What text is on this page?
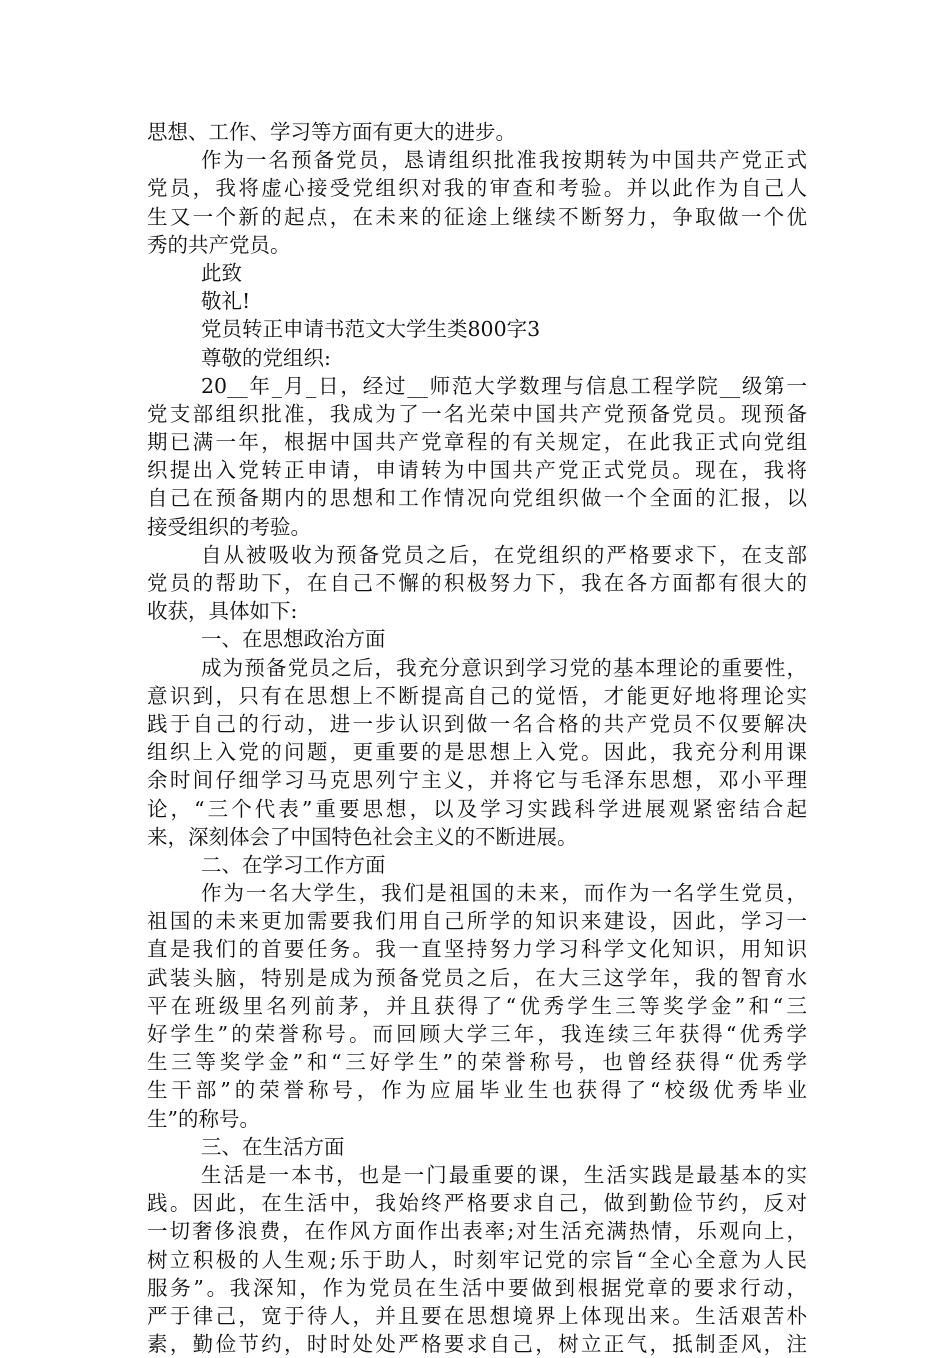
思想、工作、学习等方面有更大的进步。
作为一名预备党员，恳请组织批准我按期转为中国共产党正式
党员，我将虚心接受党组织对我的审查和考验。并以此作为自己人
生又一个新的起点，在未来的征途上继续不断努力，争取做一个优
秀的共产党员。
此致
敬礼!
党员转正申请书范文大学生类800字3
尊敬的党组织:
20__年_月_日，经过__师范大学数理与信息工程学院__级第一
党支部组织批准，我成为了一名光荣中国共产党预备党员。现预备
期已满一年，根据中国共产党章程的有关规定，在此我正式向党组
织提出入党转正申请，申请转为中国共产党正式党员。现在，我将
自己在预备期内的思想和工作情况向党组织做一个全面的汇报，以
接受组织的考验。
自从被吸收为预备党员之后，在党组织的严格要求下，在支部
党员的帮助下，在自己不懈的积极努力下，我在各方面都有很大的
收获，具体如下:
一、在思想政治方面
成为预备党员之后，我充分意识到学习党的基本理论的重要性，
意识到，只有在思想上不断提高自己的觉悟，才能更好地将理论实
践于自己的行动，进一步认识到做一名合格的共产党员不仅要解决
组织上入党的问题，更重要的是思想上入党。因此，我充分利用课
余时间仔细学习马克思列宁主义，并将它与毛泽东思想，邓小平理
论，“三个代表”重要思想，以及学习实践科学进展观紧密结合起
来，深刻体会了中国特色社会主义的不断进展。
二、在学习工作方面
作为一名大学生，我们是祖国的未来，而作为一名学生党员，
祖国的未来更加需要我们用自己所学的知识来建设，因此，学习一
直是我们的首要任务。我一直坚持努力学习科学文化知识，用知识
武装头脑，特别是成为预备党员之后，在大三这学年，我的智育水
平在班级里名列前茅，并且获得了“优秀学生三等奖学金”和“三
好学生”的荣誉称号。而回顾大学三年，我连续三年获得“优秀学
生三等奖学金”和“三好学生”的荣誉称号，也曾经获得“优秀学
生干部”的荣誉称号，作为应届毕业生也获得了“校级优秀毕业
生”的称号。
三、在生活方面
生活是一本书，也是一门最重要的课，生活实践是最基本的实
践。因此，在生活中，我始终严格要求自己，做到勤俭节约，反对
一切奢侈浪费，在作风方面作出表率;对生活充满热情，乐观向上，
树立积极的人生观;乐于助人，时刻牢记党的宗旨“全心全意为人民
服务”。我深知，作为党员在生活中要做到根据党章的要求行动，
严于律己，宽于待人，并且要在思想境界上体现出来。生活艰苦朴
素，勤俭节约，时时处处严格要求自己，树立正气，抵制歪风，注
